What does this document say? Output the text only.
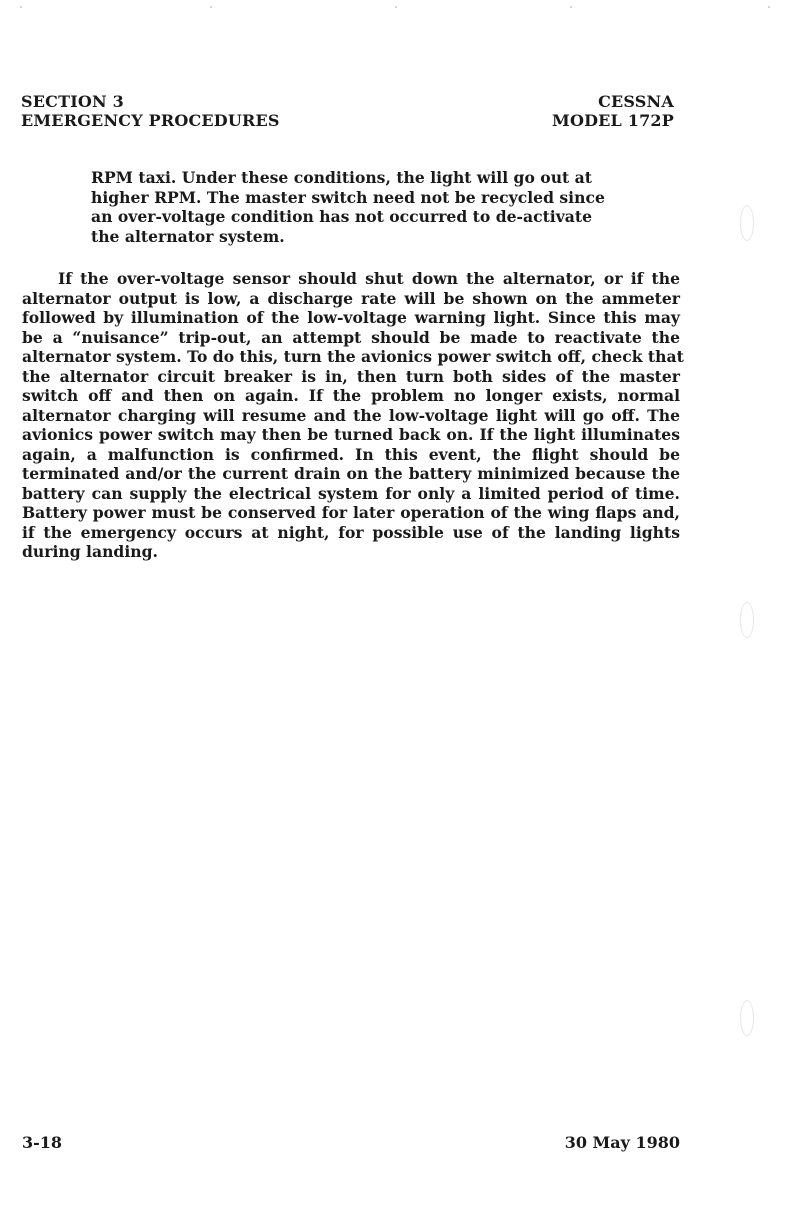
SECTION 3
EMERGENCY PROCEDURES
CESSNA
MODEL 172P
RPM taxi. Under these conditions, the light will go out at
higher RPM. The master switch need not be recycled since
an over-voltage condition has not occurred to de-activate
the alternator system.
If the over-voltage sensor should shut down the alternator, or if the
alternator output is low, a discharge rate will be shown on the ammeter
followed by illumination of the low-voltage warning light. Since this may
be a “nuisance” trip-out, an attempt should be made to reactivate the
alternator system. To do this, turn the avionics power switch off, check that
the alternator circuit breaker is in, then turn both sides of the master
switch off and then on again. If the problem no longer exists, normal
alternator charging will resume and the low-voltage light will go off. The
avionics power switch may then be turned back on. If the light illuminates
again, a malfunction is confirmed. In this event, the flight should be
terminated and/or the current drain on the battery minimized because the
battery can supply the electrical system for only a limited period of time.
Battery power must be conserved for later operation of the wing flaps and,
if the emergency occurs at night, for possible use of the landing lights
during landing.
3-18	30 May 1980
